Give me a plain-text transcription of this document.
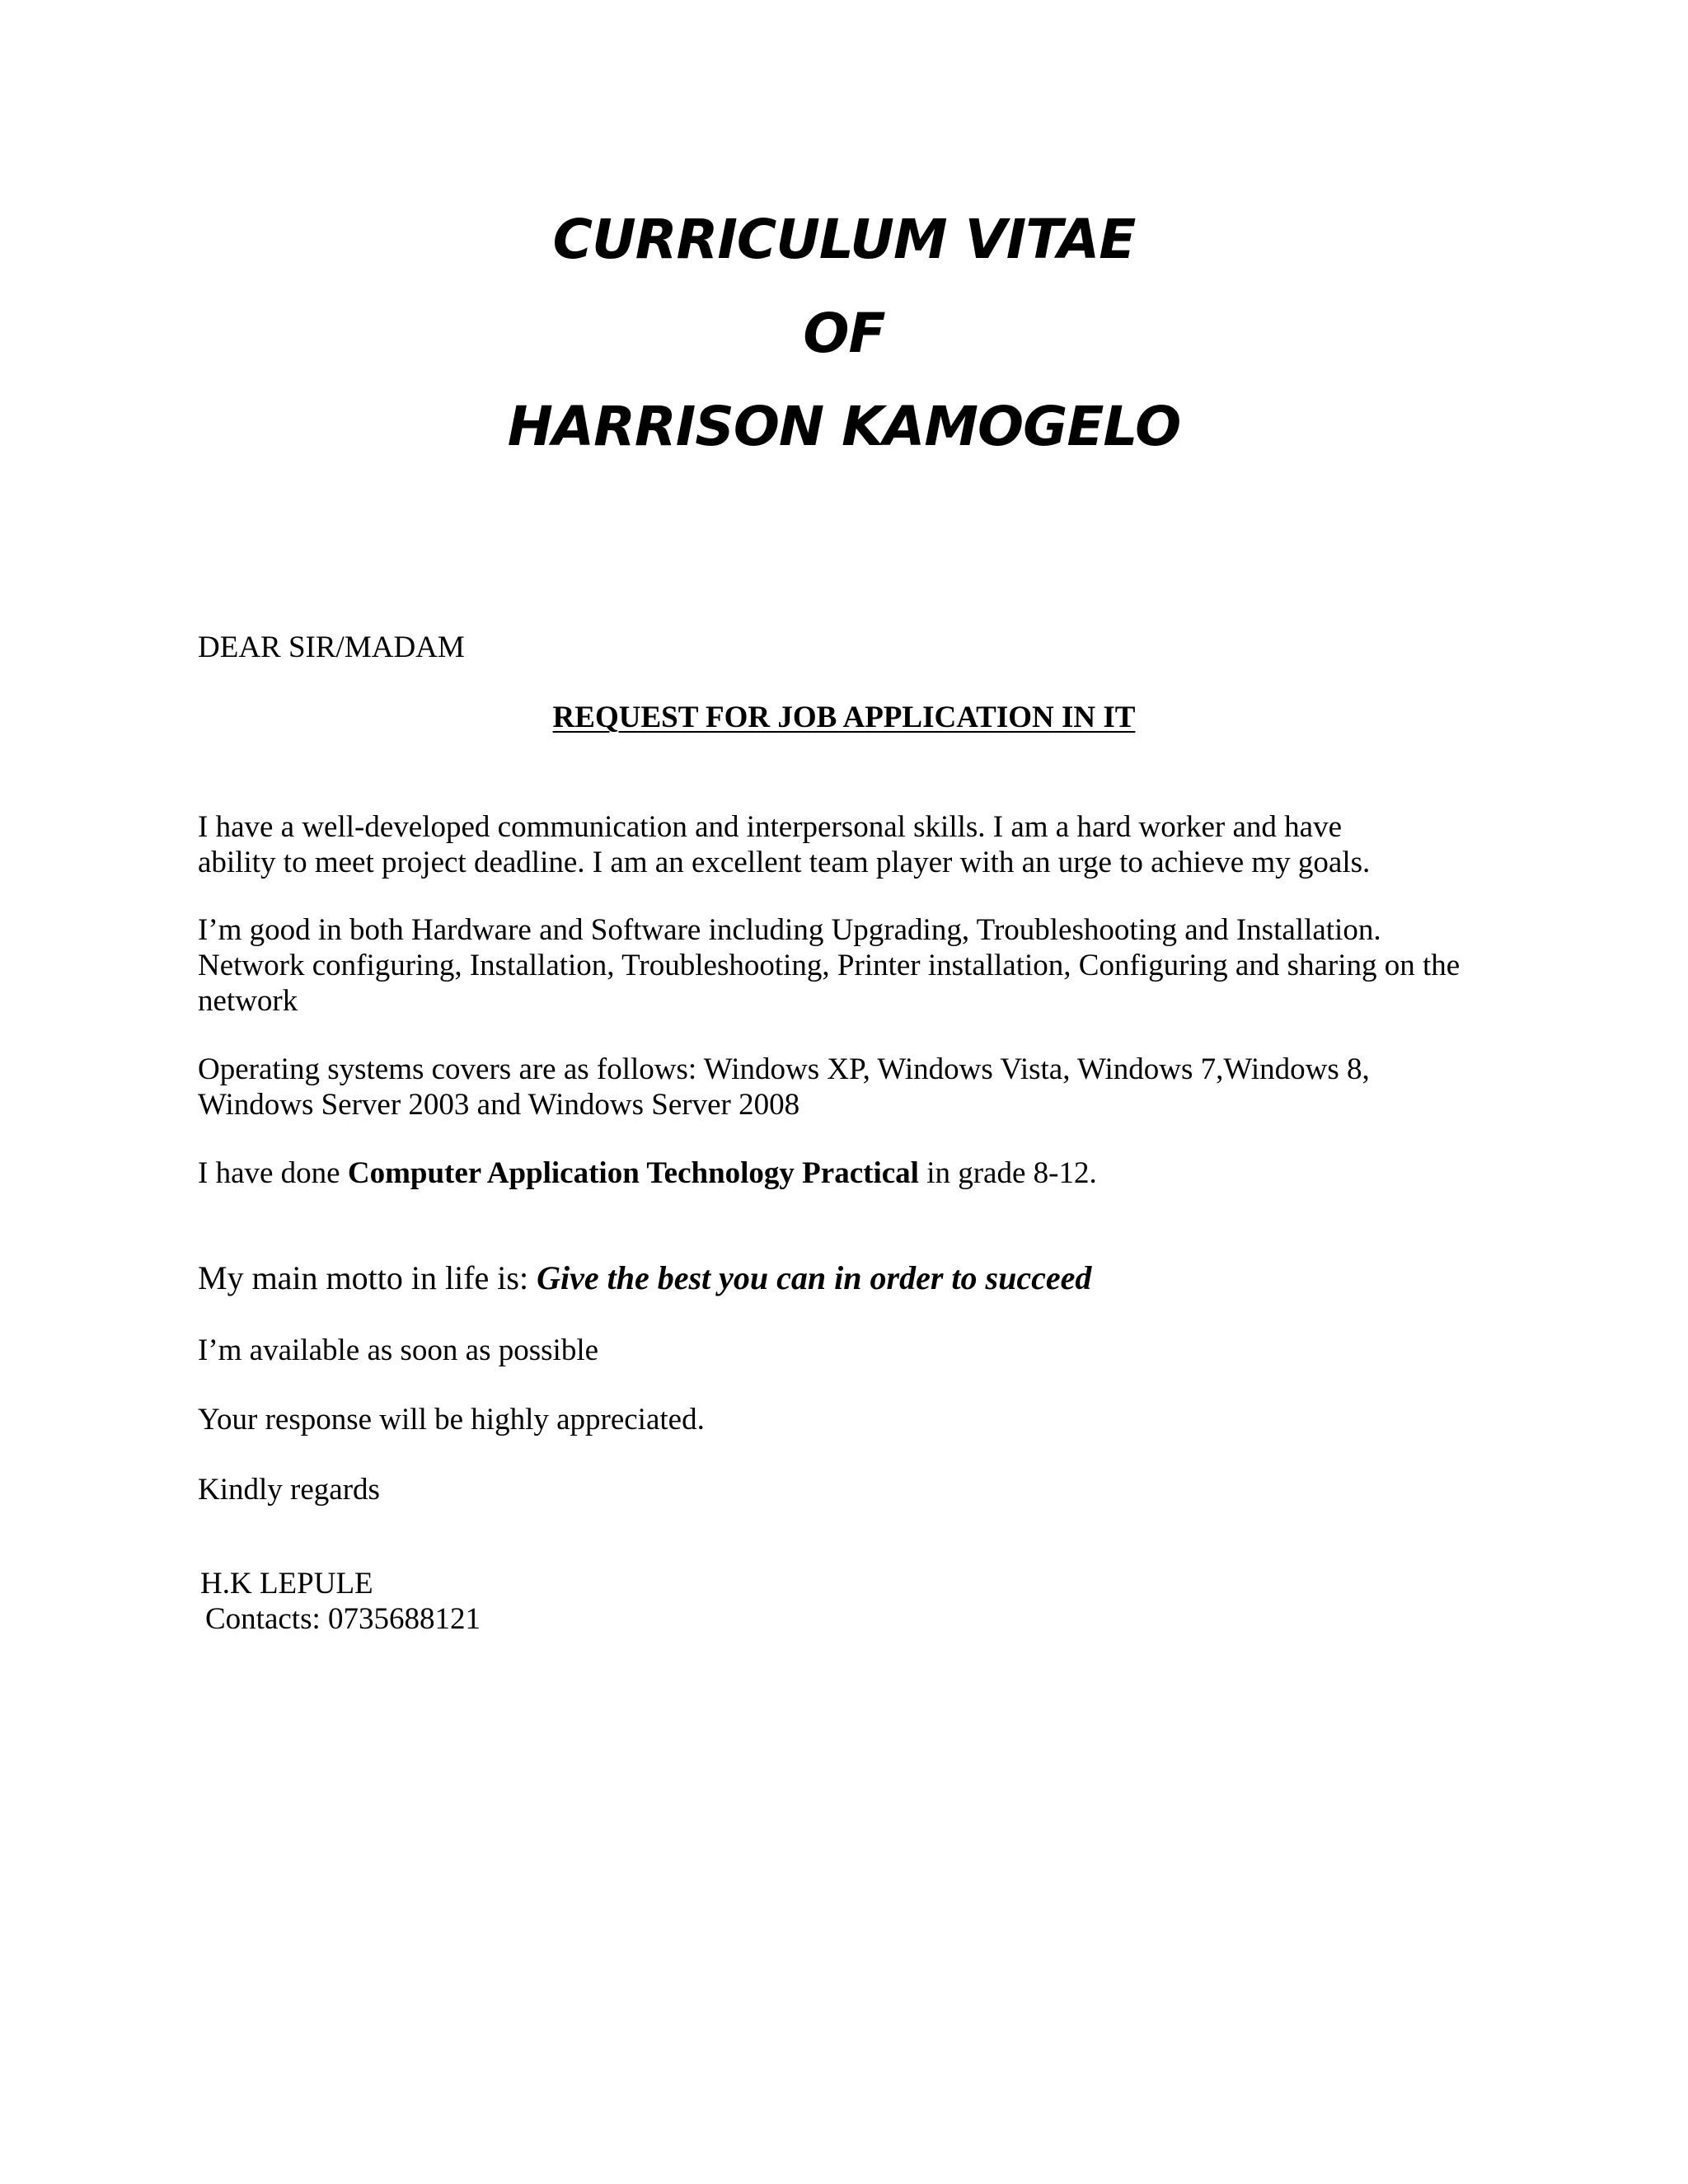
CURRICULUM VITAE
OF
HARRISON KAMOGELO
DEAR SIR/MADAM
REQUEST FOR JOB APPLICATION IN IT
I have a well-developed communication and interpersonal skills. I am a hard worker and have
ability to meet project deadline. I am an excellent team player with an urge to achieve my goals.
I’m good in both Hardware and Software including Upgrading, Troubleshooting and Installation.
Network configuring, Installation, Troubleshooting, Printer installation, Configuring and sharing on the
network
Operating systems covers are as follows: Windows XP, Windows Vista, Windows 7,Windows 8,
Windows Server 2003 and Windows Server 2008
I have done Computer Application Technology Practical in grade 8-12.
My main motto in life is: Give the best you can in order to succeed
I’m available as soon as possible
Your response will be highly appreciated.
Kindly regards
H.K LEPULE
Contacts: 0735688121
